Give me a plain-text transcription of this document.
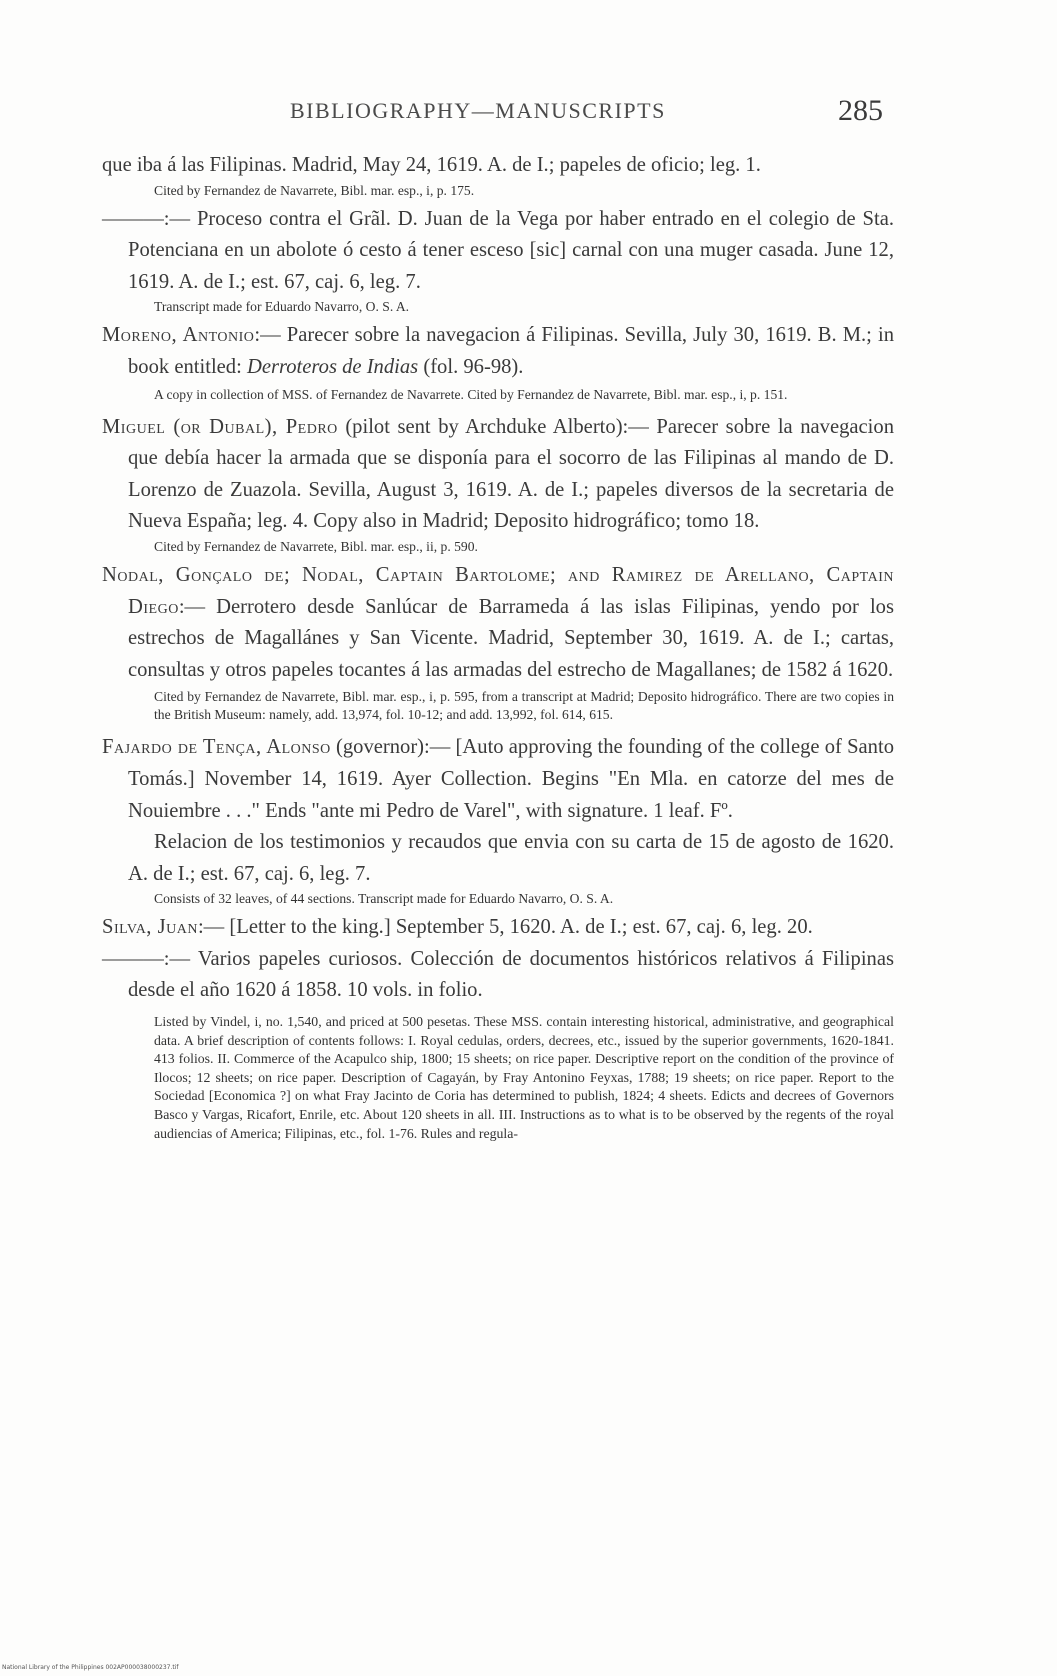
BIBLIOGRAPHY—MANUSCRIPTS	285

que iba á las Filipinas. Madrid, May 24, 1619. A. de I.; papeles de oficio; leg. 1.

Cited by Fernandez de Navarrete, Bibl. mar. esp., i, p. 175.

———:— Proceso contra el Grãl. D. Juan de la Vega por haber entrado en el colegio de Sta. Potenciana en un abolote ó cesto á tener esceso [sic] carnal con una muger casada. June 12, 1619. A. de I.; est. 67, caj. 6, leg. 7.

Transcript made for Eduardo Navarro, O. S. A.

Moreno, Antonio:— Parecer sobre la navegacion á Filipinas. Sevilla, July 30, 1619. B. M.; in book entitled: Derroteros de Indias (fol. 96-98).

A copy in collection of MSS. of Fernandez de Navarrete. Cited by Fernandez de Navarrete, Bibl. mar. esp., i, p. 151.

Miguel (or Dubal), Pedro (pilot sent by Archduke Alberto):— Parecer sobre la navegacion que debía hacer la armada que se disponía para el socorro de las Filipinas al mando de D. Lorenzo de Zuazola. Sevilla, August 3, 1619. A. de I.; papeles diversos de la secretaria de Nueva España; leg. 4. Copy also in Madrid; Deposito hidrográfico; tomo 18.

Cited by Fernandez de Navarrete, Bibl. mar. esp., ii, p. 590.

Nodal, Gonçalo de; Nodal, Captain Bartolome; and Ramirez de Arellano, Captain Diego:— Derrotero desde Sanlúcar de Barrameda á las islas Filipinas, yendo por los estrechos de Magallánes y San Vicente. Madrid, September 30, 1619. A. de I.; cartas, consultas y otros papeles tocantes á las armadas del estrecho de Magallanes; de 1582 á 1620.

Cited by Fernandez de Navarrete, Bibl. mar. esp., i, p. 595, from a transcript at Madrid; Deposito hidrográfico. There are two copies in the British Museum: namely, add. 13,974, fol. 10-12; and add. 13,992, fol. 614, 615.

Fajardo de Tença, Alonso (governor):— [Auto approving the founding of the college of Santo Tomás.] November 14, 1619. Ayer Collection. Begins "En Mla. en catorze del mes de Nouiembre . . ." Ends "ante mi Pedro de Varel", with signature. 1 leaf. Fº.

Relacion de los testimonios y recaudos que envia con su carta de 15 de agosto de 1620. A. de I.; est. 67, caj. 6, leg. 7.

Consists of 32 leaves, of 44 sections. Transcript made for Eduardo Navarro, O. S. A.

Silva, Juan:— [Letter to the king.] September 5, 1620. A. de I.; est. 67, caj. 6, leg. 20.

———:— Varios papeles curiosos. Colección de documentos históricos relativos á Filipinas desde el año 1620 á 1858. 10 vols. in folio.

Listed by Vindel, i, no. 1,540, and priced at 500 pesetas. These MSS. contain interesting historical, administrative, and geographical data. A brief description of contents follows: I. Royal cedulas, orders, decrees, etc., issued by the superior governments, 1620-1841. 413 folios. II. Commerce of the Acapulco ship, 1800; 15 sheets; on rice paper. Descriptive report on the condition of the province of Ilocos; 12 sheets; on rice paper. Description of Cagayán, by Fray Antonino Feyxas, 1788; 19 sheets; on rice paper. Report to the Sociedad [Economica ?] on what Fray Jacinto de Coria has determined to publish, 1824; 4 sheets. Edicts and decrees of Governors Basco y Vargas, Ricafort, Enrile, etc. About 120 sheets in all. III. Instructions as to what is to be observed by the regents of the royal audiencias of America; Filipinas, etc., fol. 1-76. Rules and regula-

National Library of the Philippines 002AP000038000237.tif
